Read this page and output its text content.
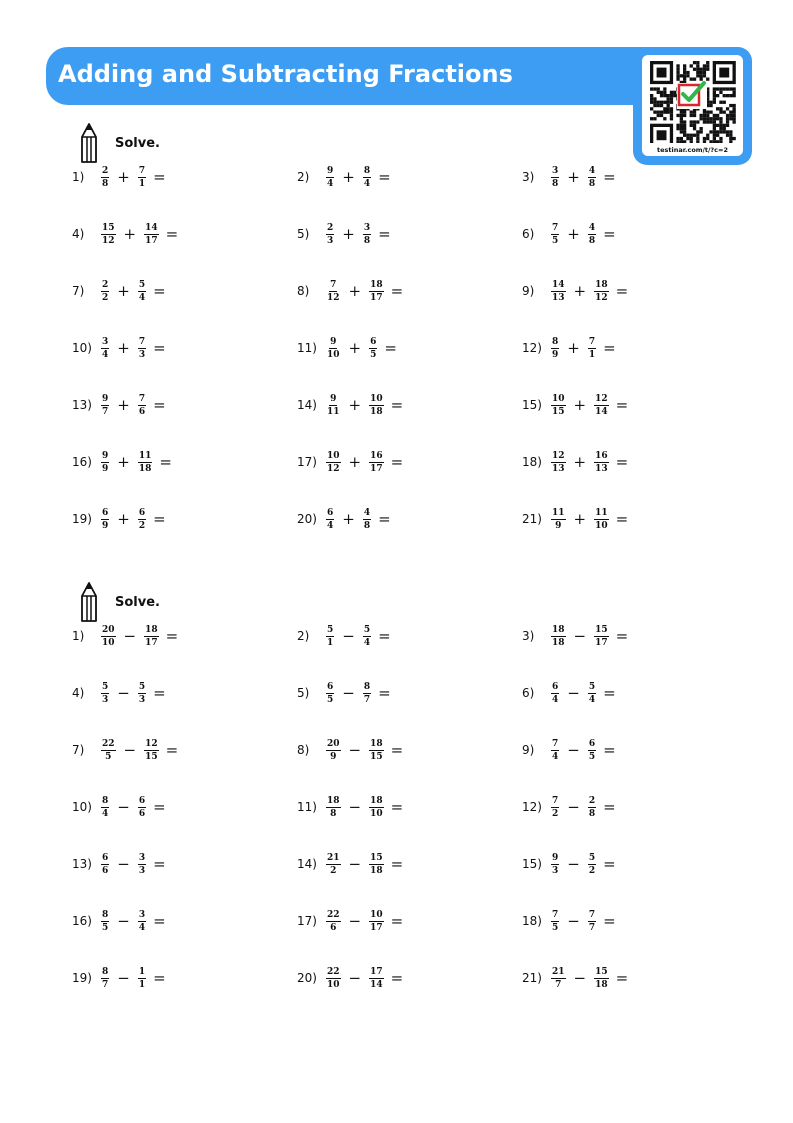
Adding and Subtracting Fractions
testinar.com/t/?c=2
Solve.
1)	$\frac{2}{8} + \frac{7}{1}$ =	2)	$\frac{9}{4} + \frac{8}{4}$ =	3)	$\frac{3}{8} + \frac{4}{8}$ =
4)	$\frac{15}{12} + \frac{14}{17}$ =	5)	$\frac{2}{3} + \frac{3}{8}$ =	6)	$\frac{7}{5} + \frac{4}{8}$ =
7)	$\frac{2}{2} + \frac{5}{4}$ =	8)	$\frac{7}{12} + \frac{18}{17}$ =	9)	$\frac{14}{13} + \frac{18}{12}$ =
10)	$\frac{3}{4} + \frac{7}{3}$ =	11)	$\frac{9}{10} + \frac{6}{5}$ =	12)	$\frac{8}{9} + \frac{7}{1}$ =
13)	$\frac{9}{7} + \frac{7}{6}$ =	14)	$\frac{9}{11} + \frac{10}{18}$ =	15)	$\frac{10}{15} + \frac{12}{14}$ =
16)	$\frac{9}{9} + \frac{11}{18}$ =	17)	$\frac{10}{12} + \frac{16}{17}$ =	18)	$\frac{12}{13} + \frac{16}{13}$ =
19)	$\frac{6}{9} + \frac{6}{2}$ =	20)	$\frac{6}{4} + \frac{4}{8}$ =	21)	$\frac{11}{9} + \frac{11}{10}$ =
Solve.
1)	$\frac{20}{10} - \frac{18}{17}$ =	2)	$\frac{5}{1} - \frac{5}{4}$ =	3)	$\frac{18}{18} - \frac{15}{17}$ =
4)	$\frac{5}{3} - \frac{5}{3}$ =	5)	$\frac{6}{5} - \frac{8}{7}$ =	6)	$\frac{6}{4} - \frac{5}{4}$ =
7)	$\frac{22}{5} - \frac{12}{15}$ =	8)	$\frac{20}{9} - \frac{18}{15}$ =	9)	$\frac{7}{4} - \frac{6}{5}$ =
10)	$\frac{8}{4} - \frac{6}{6}$ =	11)	$\frac{18}{8} - \frac{18}{10}$ =	12)	$\frac{7}{2} - \frac{2}{8}$ =
13)	$\frac{6}{6} - \frac{3}{3}$ =	14)	$\frac{21}{2} - \frac{15}{18}$ =	15)	$\frac{9}{3} - \frac{5}{2}$ =
16)	$\frac{8}{5} - \frac{3}{4}$ =	17)	$\frac{22}{6} - \frac{10}{17}$ =	18)	$\frac{7}{5} - \frac{7}{7}$ =
19)	$\frac{8}{7} - \frac{1}{1}$ =	20)	$\frac{22}{10} - \frac{17}{14}$ =	21)	$\frac{21}{7} - \frac{15}{18}$ =
